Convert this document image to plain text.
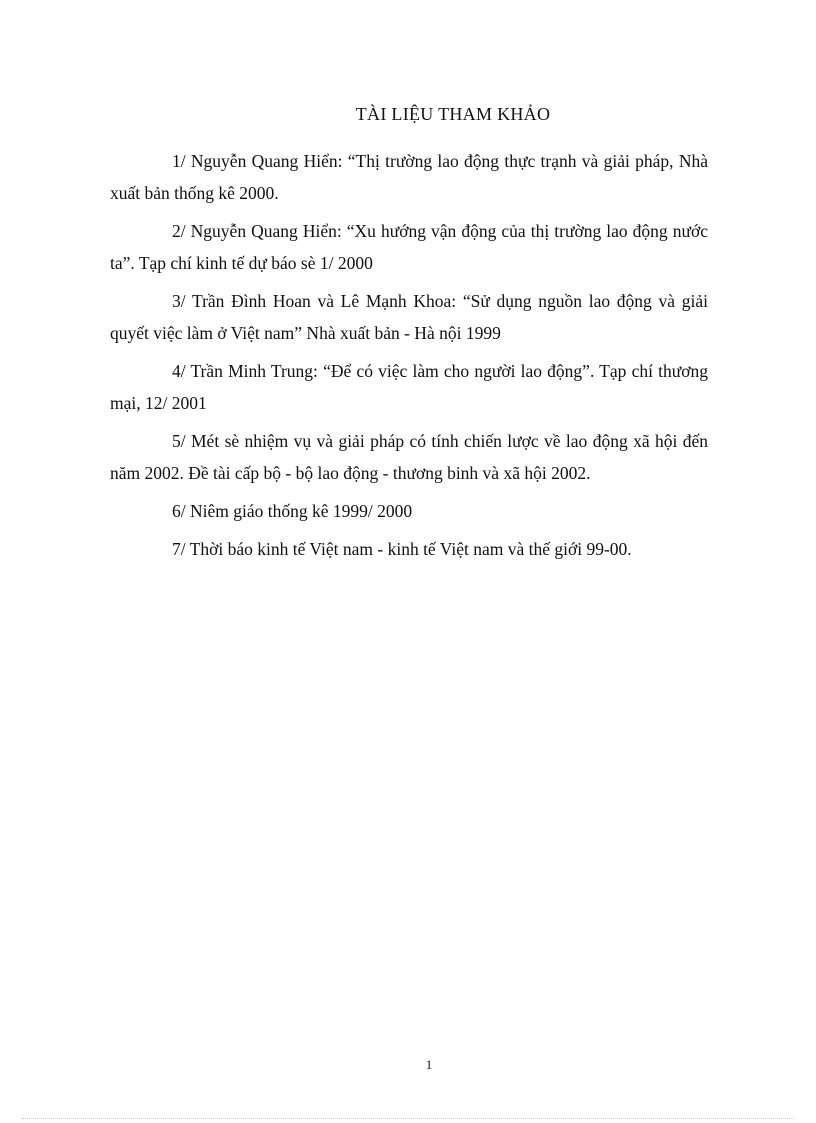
TÀI LIỆU THAM KHẢO

1/ Nguyễn Quang Hiển: “Thị trường lao động thực trạnh và giải pháp, Nhà xuất bản thống kê 2000.

2/ Nguyễn Quang Hiển: “Xu hướng vận động của thị trường lao động nước ta”. Tạp chí kinh tế dự báo sè 1/ 2000

3/ Trần Đình Hoan và Lê Mạnh Khoa: “Sử dụng nguồn lao động và giải quyết việc làm ở Việt nam” Nhà xuất bản - Hà nội 1999

4/ Trần Minh Trung: “Để có việc làm cho người lao động”. Tạp chí thương mại, 12/ 2001

5/ Mét sè nhiệm vụ và giải pháp có tính chiến lược về lao động xã hội đến năm 2002. Đề tài cấp bộ - bộ lao động - thương binh và xã hội 2002.

6/ Niêm giáo thống kê 1999/ 2000

7/ Thời báo kinh tế Việt nam - kinh tế Việt nam và thế giới 99-00.

1
